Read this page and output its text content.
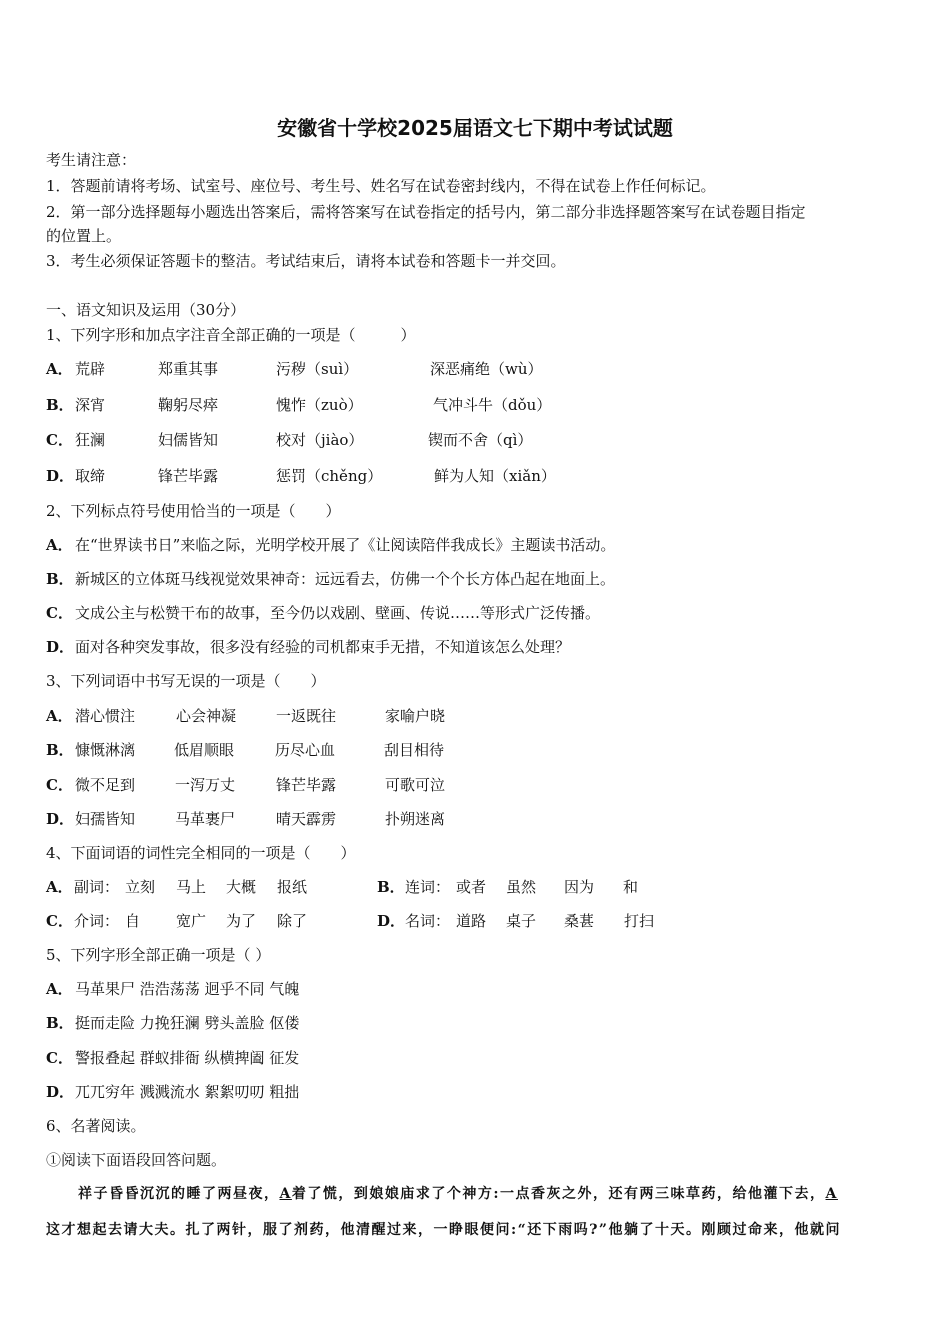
安徽省十学校2025届语文七下期中考试试题
考生请注意：
1．答题前请将考场、试室号、座位号、考生号、姓名写在试卷密封线内，不得在试卷上作任何标记。
2．第一部分选择题每小题选出答案后，需将答案写在试卷指定的括号内，第二部分非选择题答案写在试卷题目指定
的位置上。
3．考生必须保证答题卡的整洁。考试结束后，请将本试卷和答题卡一并交回。
一、语文知识及运用（30分）
1、下列字形和加点字注音全部正确的一项是（　　　）
A． 荒辟	郑重其事	污秽（suì）	深恶痛绝（wù）
B． 深宵	鞠躬尽瘁	愧怍（zuò）	气冲斗牛（dǒu）
C． 狂澜	妇儒皆知	校对（jiào）	锲而不舍（qì）
D． 取缔	锋芒毕露	惩罚（chěng）	鲜为人知（xiǎn）
2、下列标点符号使用恰当的一项是（　　）
A． 在“世界读书日”来临之际，光明学校开展了《让阅读陪伴我成长》主题读书活动。
B． 新城区的立体斑马线视觉效果神奇：远远看去，仿佛一个个长方体凸起在地面上。
C． 文成公主与松赞干布的故事，至今仍以戏剧、壁画、传说……等形式广泛传播。
D． 面对各种突发事故，很多没有经验的司机都束手无措，不知道该怎么处理？
3、下列词语中书写无误的一项是（　　）
A． 潜心惯注	心会神凝	一返既往	家喻户晓
B． 慷慨淋漓	低眉顺眼	历尽心血	刮目相待
C． 微不足到	一泻万丈	锋芒毕露	可歌可泣
D． 妇孺皆知	马革裹尸	晴天霹雳	扑朔迷离
4、下面词语的词性完全相同的一项是（　　）
A． 副词： 立刻 马上 大概 报纸	B． 连词： 或者 虽然 因为 和
C． 介词： 自 宽广 为了 除了	D． 名词： 道路 桌子 桑葚 打扫
5、下列字形全部正确一项是（ ）
A． 马革果尸 浩浩荡荡 迥乎不同 气魄
B． 挺而走险 力挽狂澜 劈头盖脸 伛偻
C． 警报叠起 群蚁排衙 纵横捭阖 征发
D． 兀兀穷年 溅溅流水 絮絮叨叨 粗拙
6、名著阅读。
①阅读下面语段回答问题。
祥子昏昏沉沉的睡了两昼夜，A着了慌，到娘娘庙求了个神方:一点香灰之外，还有两三味草药，给他灌下去，A
这才想起去请大夫。扎了两针，服了剂药，他清醒过来，一睁眼便问:“还下雨吗?”他躺了十天。刚顾过命来，他就问
